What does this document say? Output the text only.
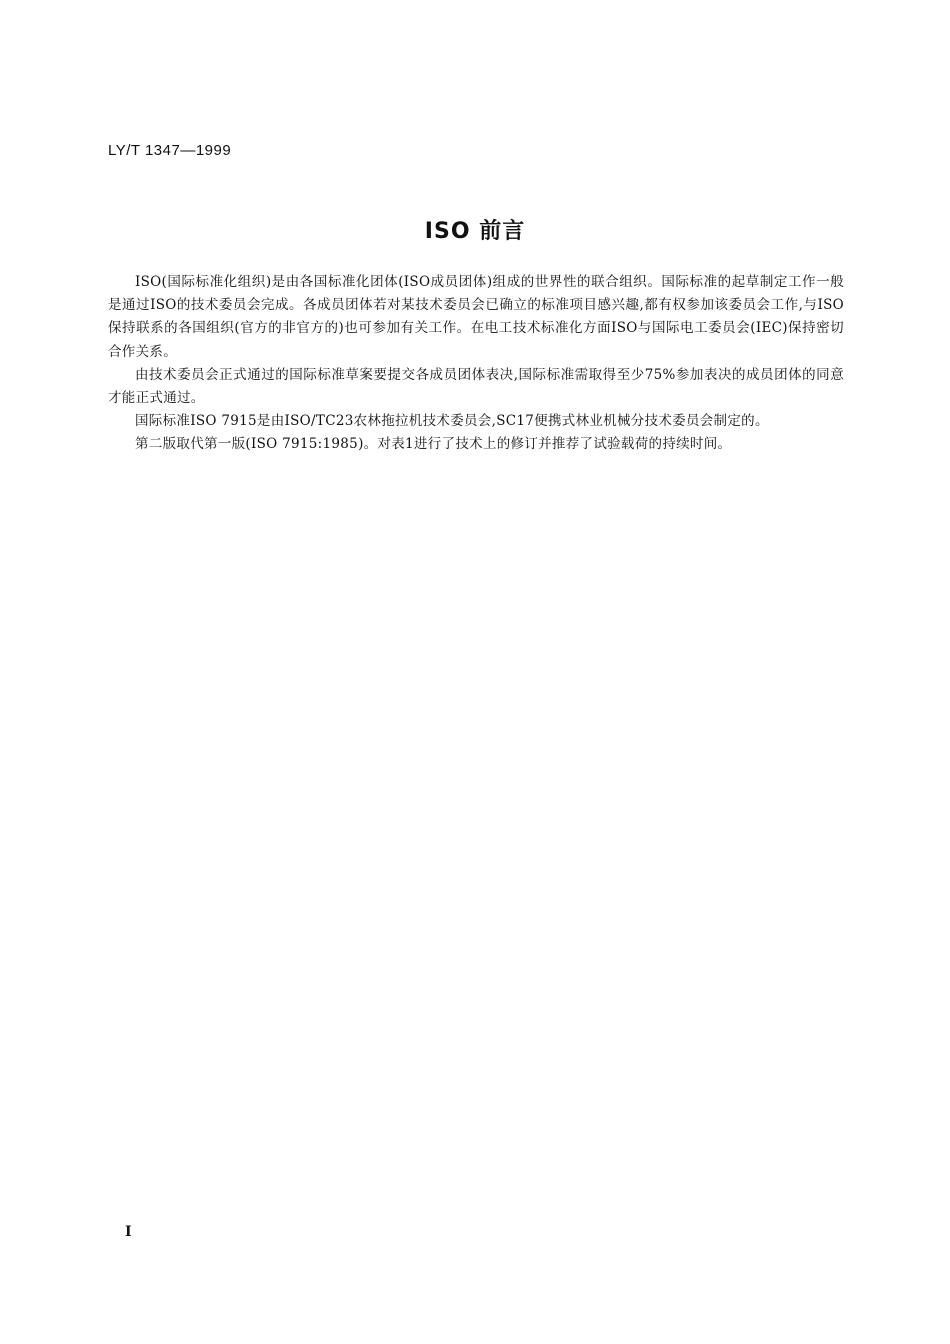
LY/T 1347—1999
ISO 前言

ISO(国际标准化组织)是由各国标准化团体(ISO成员团体)组成的世界性的联合组织。国际标准的起草制定工作一般是通过ISO的技术委员会完成。各成员团体若对某技术委员会已确立的标准项目感兴趣,都有权参加该委员会工作,与ISO保持联系的各国组织(官方的非官方的)也可参加有关工作。在电工技术标准化方面ISO与国际电工委员会(IEC)保持密切合作关系。

由技术委员会正式通过的国际标准草案要提交各成员团体表决,国际标准需取得至少75%参加表决的成员团体的同意才能正式通过。

国际标准ISO 7915是由ISO/TC23农林拖拉机技术委员会,SC17便携式林业机械分技术委员会制定的。

第二版取代第一版(ISO 7915:1985)。对表1进行了技术上的修订并推荐了试验载荷的持续时间。

I
